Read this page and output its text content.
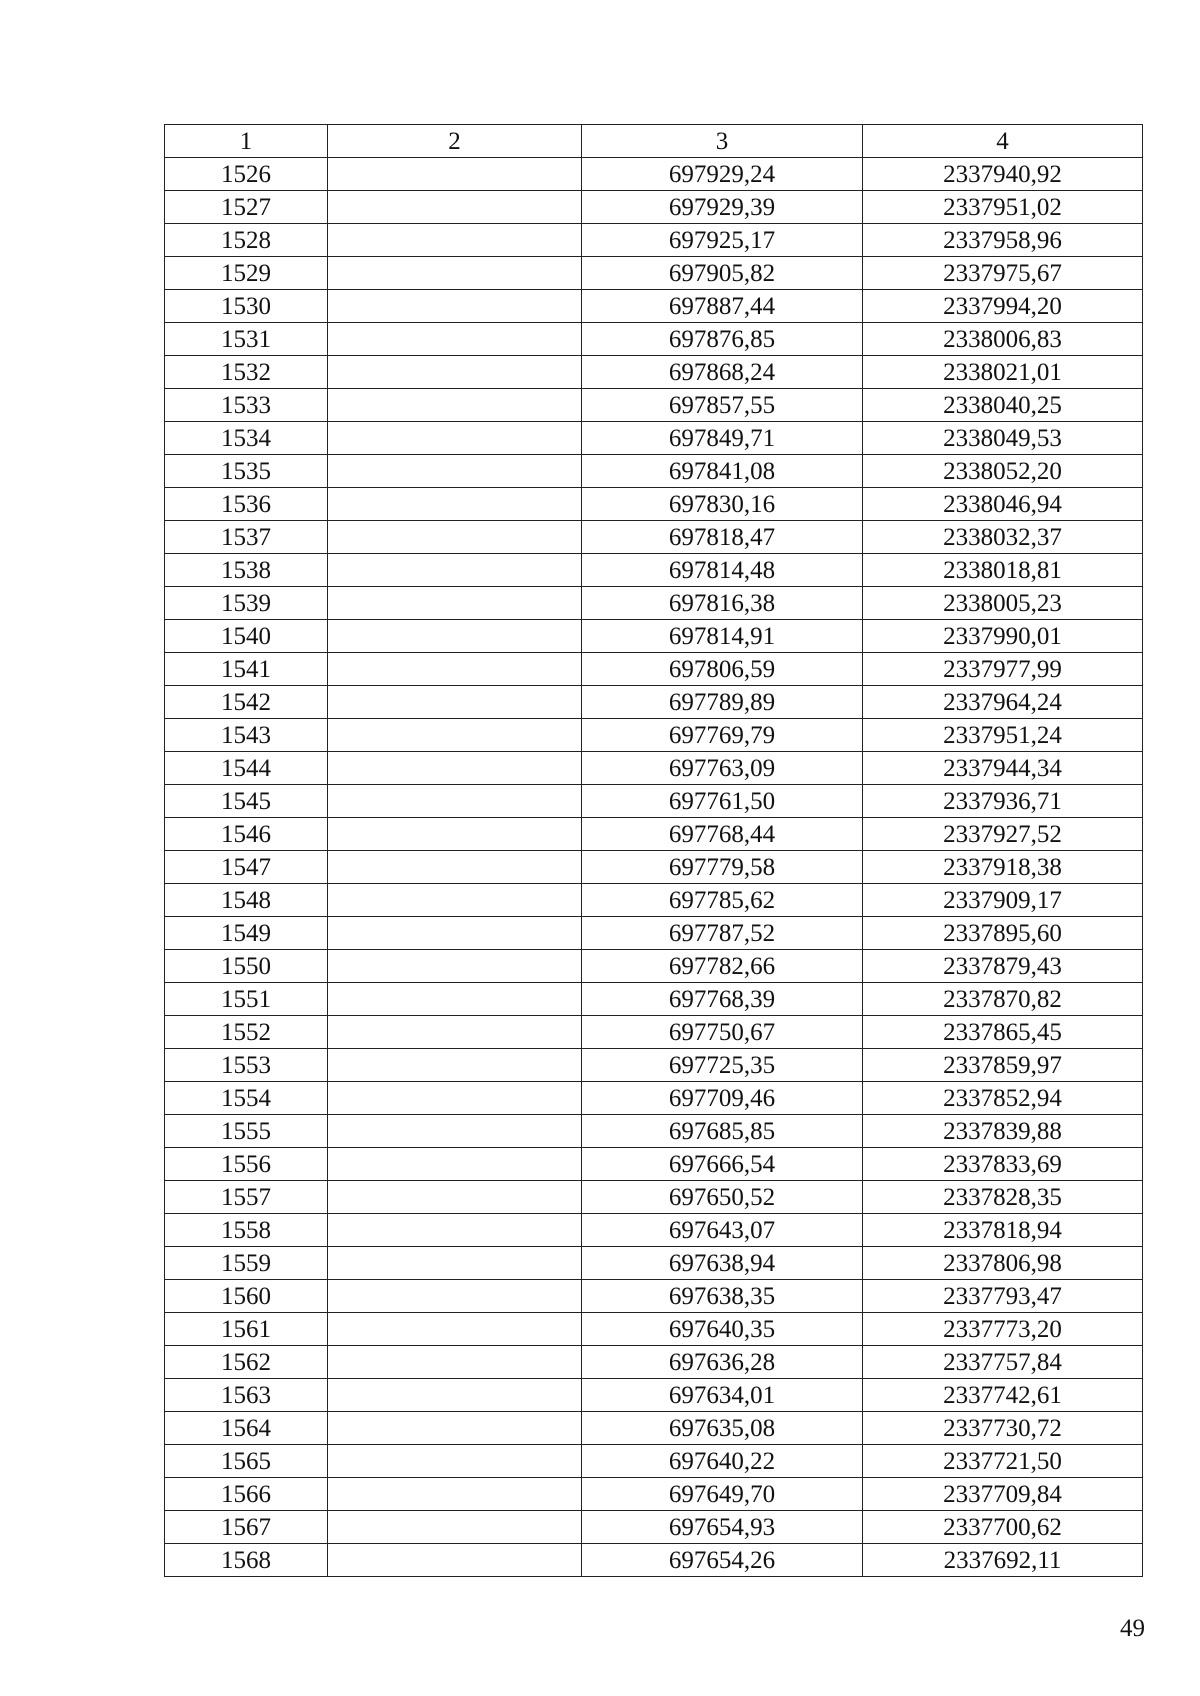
1	2	3	4
1526		697929,24	2337940,92
1527		697929,39	2337951,02
1528		697925,17	2337958,96
1529		697905,82	2337975,67
1530		697887,44	2337994,20
1531		697876,85	2338006,83
1532		697868,24	2338021,01
1533		697857,55	2338040,25
1534		697849,71	2338049,53
1535		697841,08	2338052,20
1536		697830,16	2338046,94
1537		697818,47	2338032,37
1538		697814,48	2338018,81
1539		697816,38	2338005,23
1540		697814,91	2337990,01
1541		697806,59	2337977,99
1542		697789,89	2337964,24
1543		697769,79	2337951,24
1544		697763,09	2337944,34
1545		697761,50	2337936,71
1546		697768,44	2337927,52
1547		697779,58	2337918,38
1548		697785,62	2337909,17
1549		697787,52	2337895,60
1550		697782,66	2337879,43
1551		697768,39	2337870,82
1552		697750,67	2337865,45
1553		697725,35	2337859,97
1554		697709,46	2337852,94
1555		697685,85	2337839,88
1556		697666,54	2337833,69
1557		697650,52	2337828,35
1558		697643,07	2337818,94
1559		697638,94	2337806,98
1560		697638,35	2337793,47
1561		697640,35	2337773,20
1562		697636,28	2337757,84
1563		697634,01	2337742,61
1564		697635,08	2337730,72
1565		697640,22	2337721,50
1566		697649,70	2337709,84
1567		697654,93	2337700,62
1568		697654,26	2337692,11
49
